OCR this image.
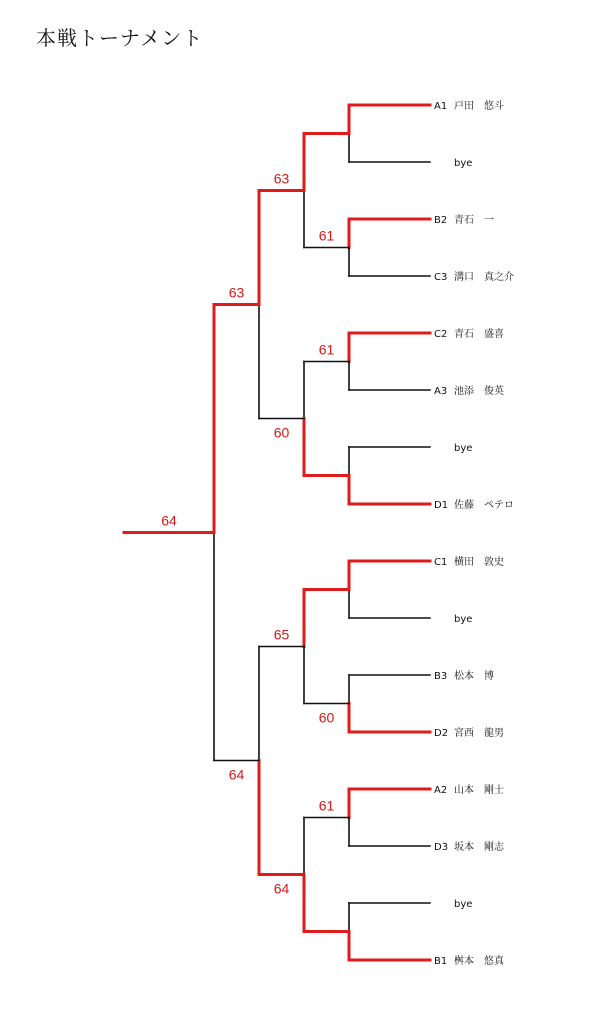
本戦トーナメント
A1 戸田　悠斗
bye
B2 青石　一
C3 溝口　真之介
C2 青石　盛喜
A3 池添　俊英
bye
D1 佐藤　ペテロ
C1 横田　敦史
bye
B3 松本　博
D2 宮西　龍男
A2 山本　剛士
D3 坂本　剛志
bye
B1 桝本　悠真
61
61
60
61
63
60
65
64
63
64
64
